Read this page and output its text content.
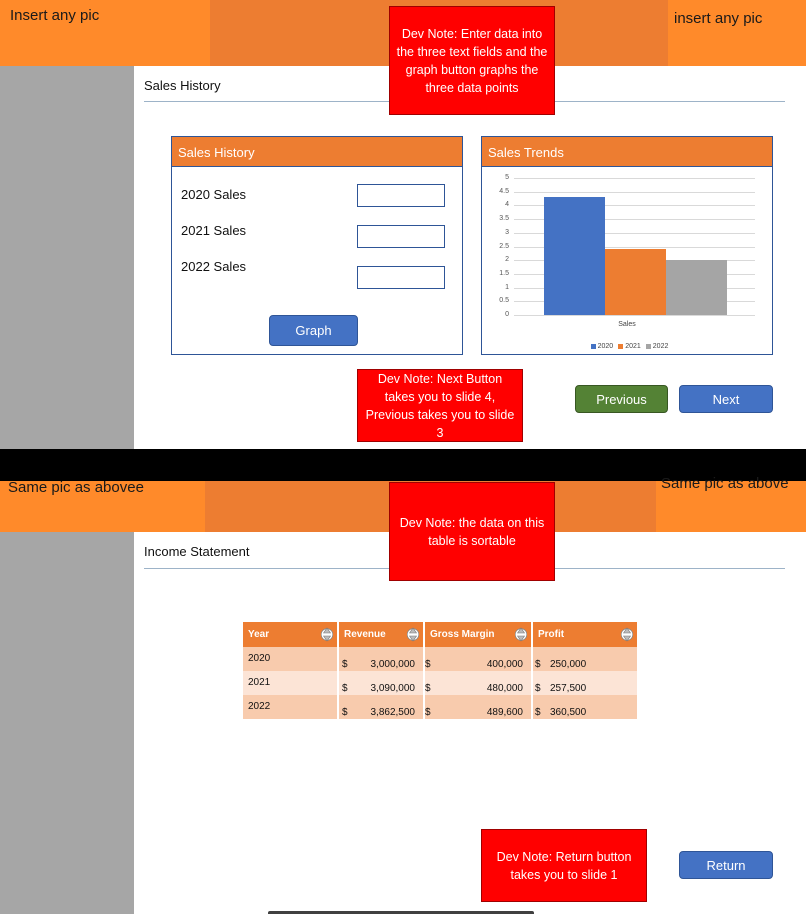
Insert any pic	insert any pic
Sales History
Dev Note: Enter data into the three text fields and the graph button graphs the three data points
Sales History
2020 Sales
2021 Sales
2022 Sales
Graph
Sales Trends
5
4.5
4
3.5
3
2.5
2
1.5
1
0.5
0
Sales
2020 2021 2022
Dev Note: Next Button takes you to slide 4, Previous takes you to slide 3
Previous	Next
Same pic as abovee	Same pic as above
Income Statement
Dev Note: the data on this table is sortable
Year	Revenue	Gross Margin	Profit

2020	$ 3,000,000	$ 400,000	$ 250,000

2021	$ 3,090,000	$ 480,000	$ 257,500

2022	$ 3,862,500	$ 489,600	$ 360,500
Dev Note: Return button takes you to slide 1
Return
